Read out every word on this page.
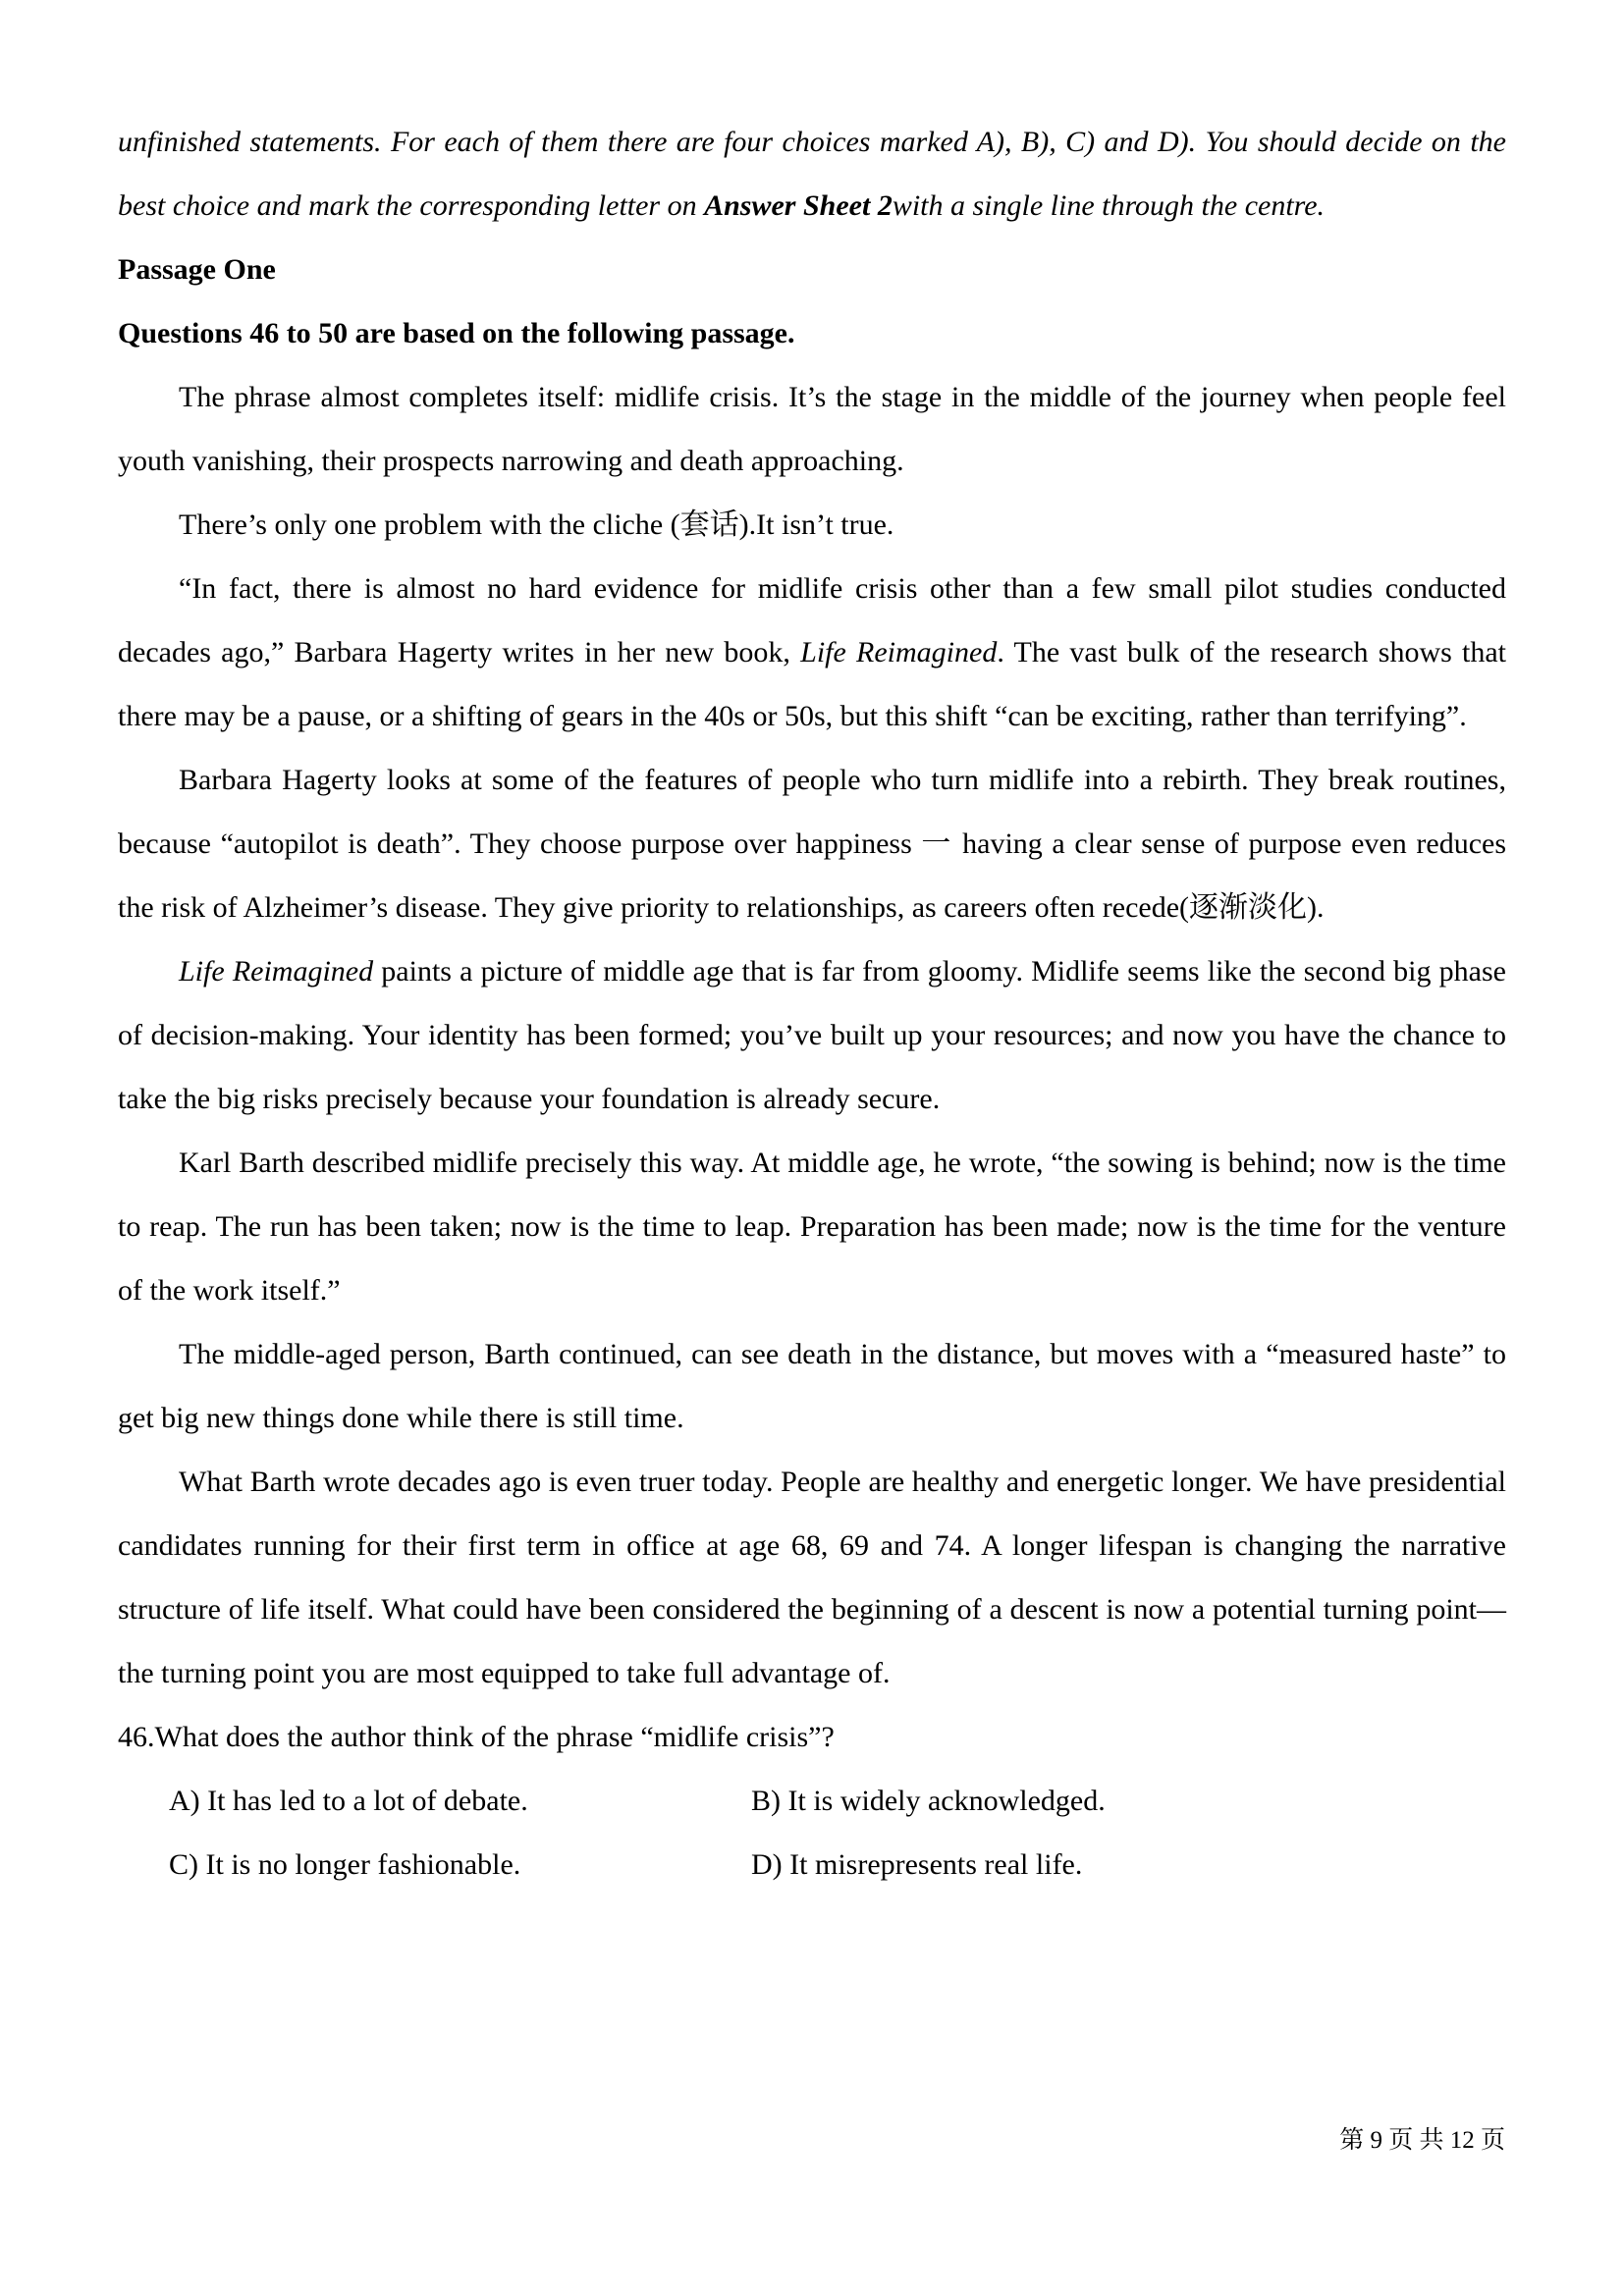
unfinished statements. For each of them there are four choices marked A), B), C) and D). You should decide on the best choice and mark the corresponding letter on Answer Sheet 2with a single line through the centre.

Passage One

Questions 46 to 50 are based on the following passage.

The phrase almost completes itself: midlife crisis. It’s the stage in the middle of the journey when people feel youth vanishing, their prospects narrowing and death approaching.

There’s only one problem with the cliche (套话).It isn’t true.

“In fact, there is almost no hard evidence for midlife crisis other than a few small pilot studies conducted decades ago,” Barbara Hagerty writes in her new book, Life Reimagined. The vast bulk of the research shows that there may be a pause, or a shifting of gears in the 40s or 50s, but this shift “can be exciting, rather than terrifying”.

Barbara Hagerty looks at some of the features of people who turn midlife into a rebirth. They break routines, because “autopilot is death”. They choose purpose over happiness 一 having a clear sense of purpose even reduces the risk of Alzheimer’s disease. They give priority to relationships, as careers often recede(逐渐淡化).

Life Reimagined paints a picture of middle age that is far from gloomy. Midlife seems like the second big phase of decision-making. Your identity has been formed; you’ve built up your resources; and now you have the chance to take the big risks precisely because your foundation is already secure.

Karl Barth described midlife precisely this way. At middle age, he wrote, “the sowing is behind; now is the time to reap. The run has been taken; now is the time to leap. Preparation has been made; now is the time for the venture of the work itself.”

The middle-aged person, Barth continued, can see death in the distance, but moves with a “measured haste” to get big new things done while there is still time.

What Barth wrote decades ago is even truer today. People are healthy and energetic longer. We have presidential candidates running for their first term in office at age 68, 69 and 74. A longer lifespan is changing the narrative structure of life itself. What could have been considered the beginning of a descent is now a potential turning point—the turning point you are most equipped to take full advantage of.

46.What does the author think of the phrase “midlife crisis”?

A) It has led to a lot of debate.	B) It is widely acknowledged.
C) It is no longer fashionable.	D) It misrepresents real life.
第 9 页 共 12 页
